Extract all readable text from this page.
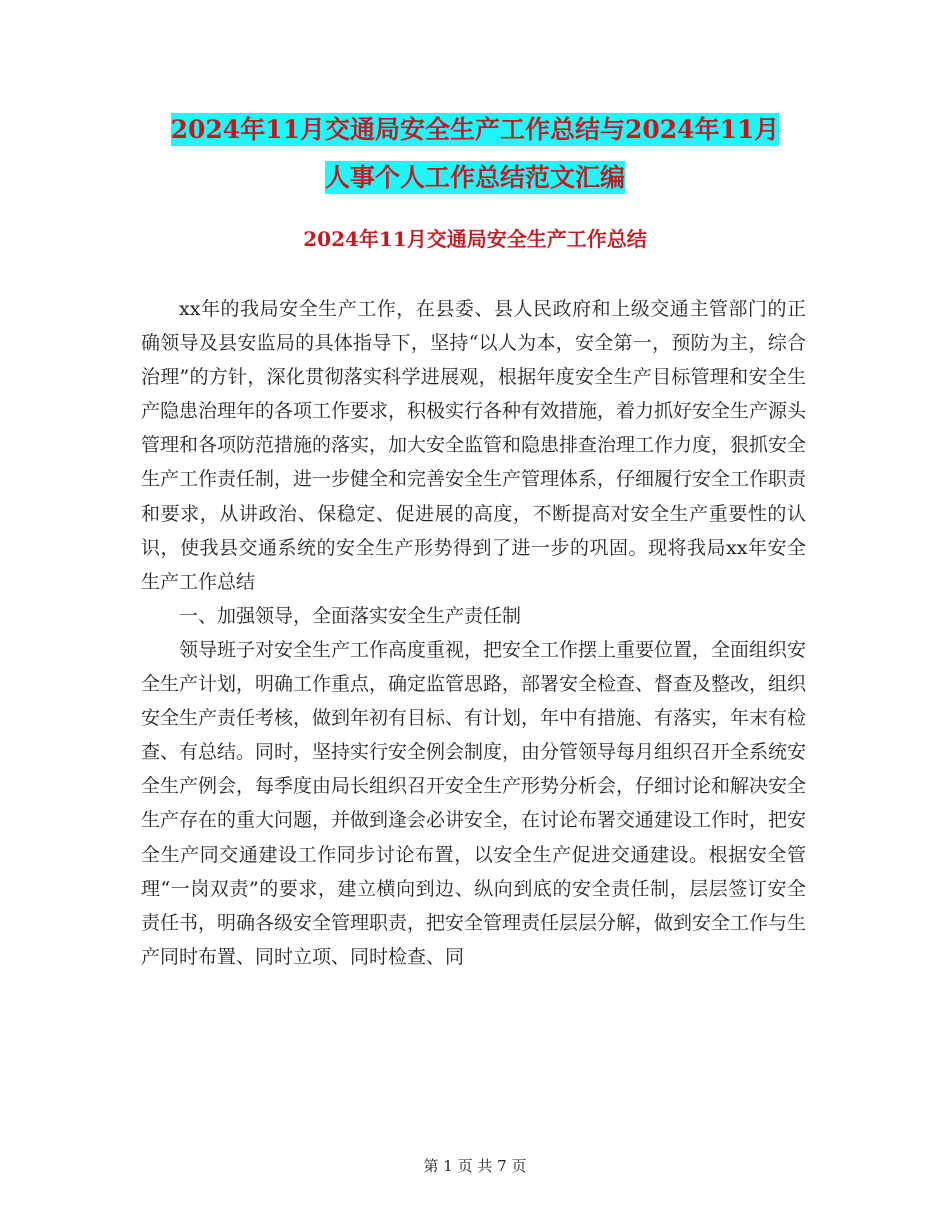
2024年11月交通局安全生产工作总结与2024年11月
人事个人工作总结范文汇编
2024年11月交通局安全生产工作总结

xx年的我局安全生产工作，在县委、县人民政府和上级交通主管部门的正确领导及县安监局的具体指导下，坚持“以人为本，安全第一，预防为主，综合治理”的方针，深化贯彻落实科学进展观，根据年度安全生产目标管理和安全生产隐患治理年的各项工作要求，积极实行各种有效措施，着力抓好安全生产源头管理和各项防范措施的落实，加大安全监管和隐患排查治理工作力度，狠抓安全生产工作责任制，进一步健全和完善安全生产管理体系，仔细履行安全工作职责和要求，从讲政治、保稳定、促进展的高度，不断提高对安全生产重要性的认识，使我县交通系统的安全生产形势得到了进一步的巩固。现将我局xx年安全生产工作总结

一、加强领导，全面落实安全生产责任制

领导班子对安全生产工作高度重视，把安全工作摆上重要位置，全面组织安全生产计划，明确工作重点，确定监管思路，部署安全检查、督查及整改，组织安全生产责任考核，做到年初有目标、有计划，年中有措施、有落实，年末有检查、有总结。同时，坚持实行安全例会制度，由分管领导每月组织召开全系统安全生产例会，每季度由局长组织召开安全生产形势分析会，仔细讨论和解决安全生产存在的重大问题，并做到逢会必讲安全，在讨论布署交通建设工作时，把安全生产同交通建设工作同步讨论布置，以安全生产促进交通建设。根据安全管理“一岗双责”的要求，建立横向到边、纵向到底的安全责任制，层层签订安全责任书，明确各级安全管理职责，把安全管理责任层层分解，做到安全工作与生产同时布置、同时立项、同时检查、同

第 1 页 共 7 页
